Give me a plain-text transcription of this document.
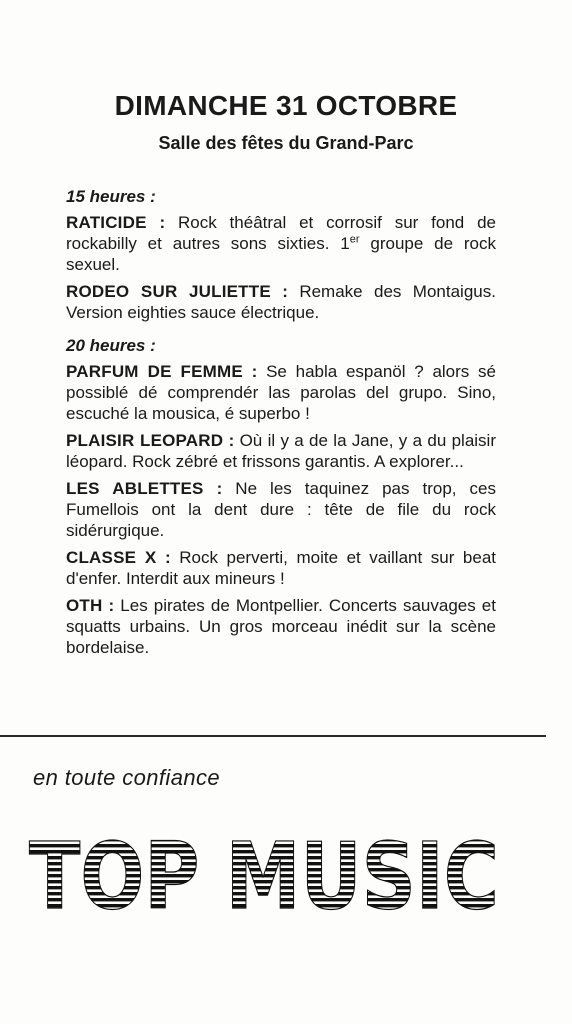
DIMANCHE 31 OCTOBRE
Salle des fêtes du Grand-Parc
15 heures :
RATICIDE : Rock théâtral et corrosif sur fond de rockabilly et autres sons sixties. 1er groupe de rock sexuel.
RODEO SUR JULIETTE : Remake des Montaigus. Version eighties sauce électrique.
20 heures :
PARFUM DE FEMME : Se habla espanöl ? alors sé possiblé dé comprendér las parolas del grupo. Sino, escuché la mousica, é superbo !
PLAISIR LEOPARD : Où il y a de la Jane, y a du plaisir léopard. Rock zébré et frissons garantis. A explorer...
LES ABLETTES : Ne les taquinez pas trop, ces Fumellois ont la dent dure : tête de file du rock sidérurgique.
CLASSE X : Rock perverti, moite et vaillant sur beat d'enfer. Interdit aux mineurs !
OTH : Les pirates de Montpellier. Concerts sauvages et squatts urbains. Un gros morceau inédit sur la scène bordelaise.
en toute confiance
TOP MUSIC
